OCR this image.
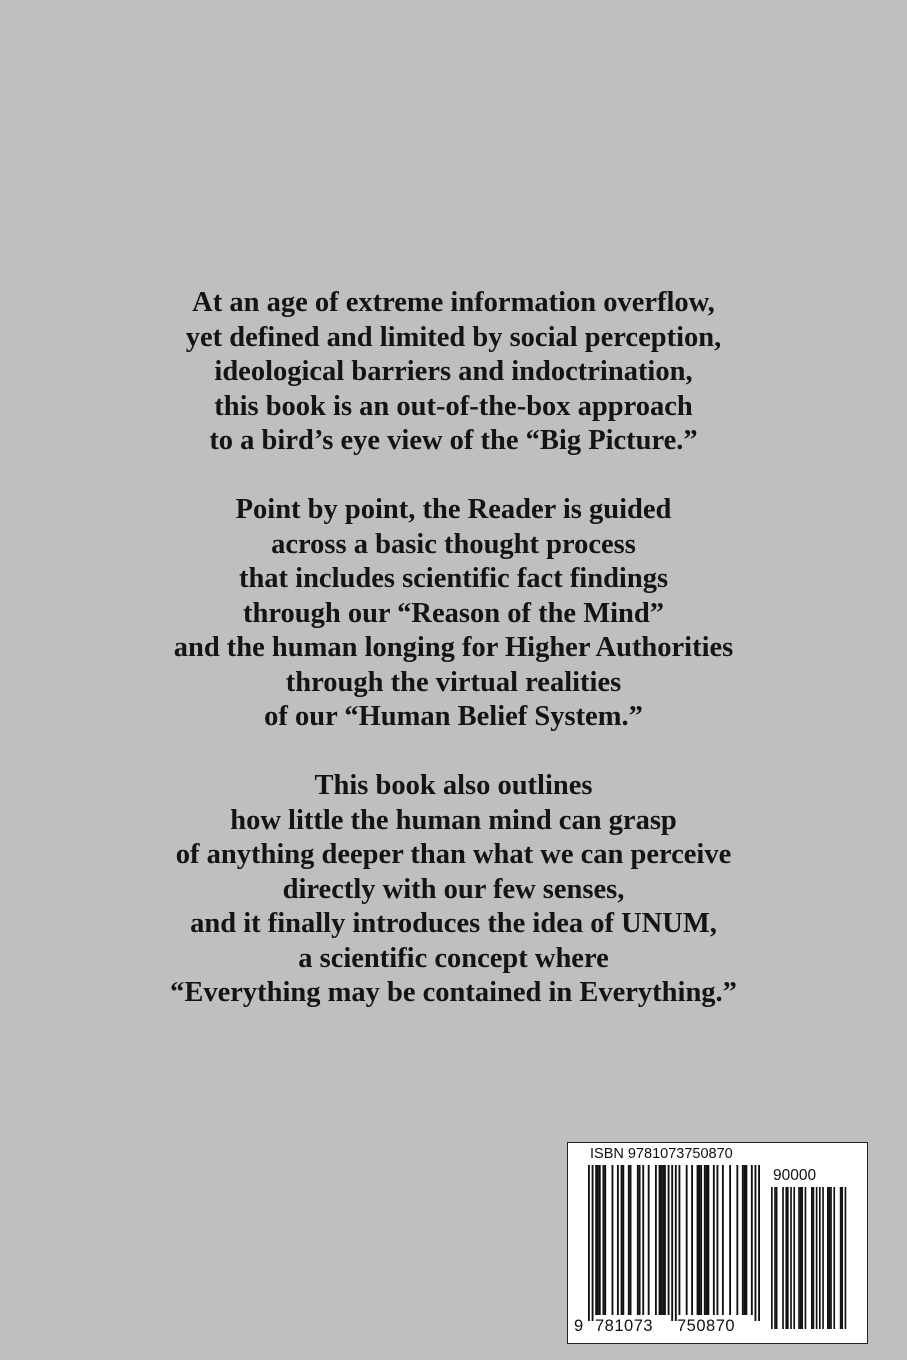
At an age of extreme information overflow,
yet defined and limited by social perception,
ideological barriers and indoctrination,
this book is an out-of-the-box approach
to a bird’s eye view of the “Big Picture.”

Point by point, the Reader is guided
across a basic thought process
that includes scientific fact findings
through our “Reason of the Mind”
and the human longing for Higher Authorities
through the virtual realities
of our “Human Belief System.”

This book also outlines
how little the human mind can grasp
of anything deeper than what we can perceive
directly with our few senses,
and it finally introduces the idea of UNUM,
a scientific concept where
“Everything may be contained in Everything.”

ISBN 9781073750870
90000
9 781073 750870
